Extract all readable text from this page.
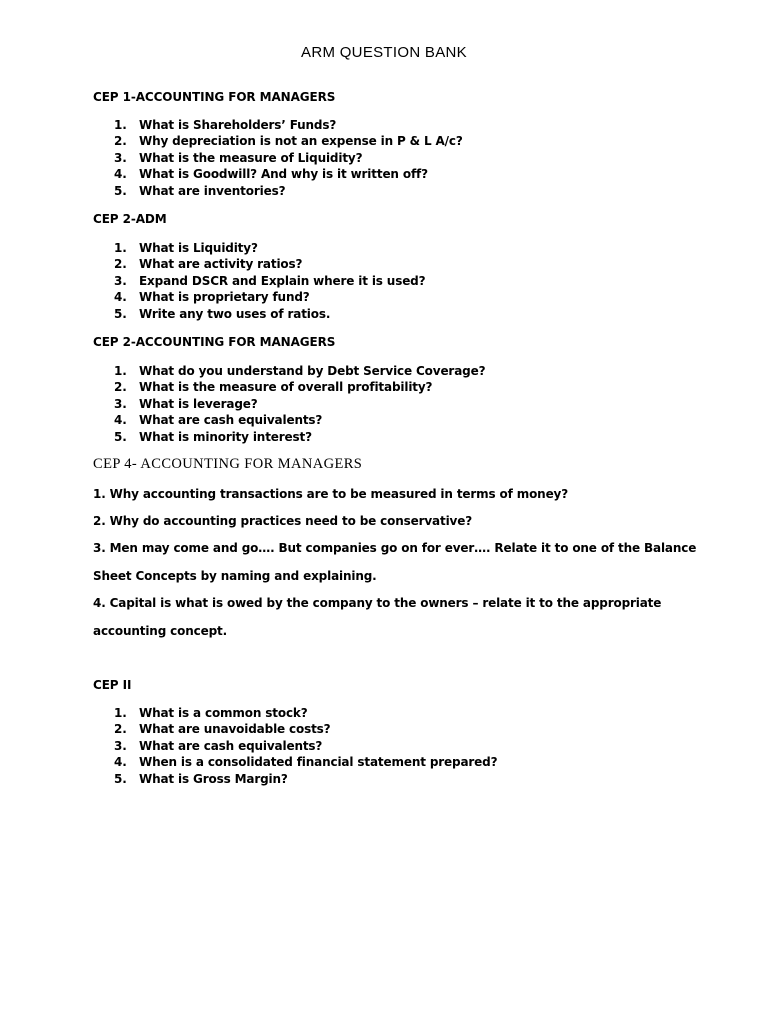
ARM QUESTION BANK
CEP 1-ACCOUNTING FOR MANAGERS
1. What is Shareholders’ Funds?
2. Why depreciation is not an expense in P & L A/c?
3. What is the measure of Liquidity?
4. What is Goodwill? And why is it written off?
5. What are inventories?
CEP 2-ADM
1. What is Liquidity?
2. What are activity ratios?
3. Expand DSCR and Explain where it is used?
4. What is proprietary fund?
5. Write any two uses of ratios.
CEP 2-ACCOUNTING FOR MANAGERS
1. What do you understand by Debt Service Coverage?
2. What is the measure of overall profitability?
3. What is leverage?
4. What are cash equivalents?
5. What is minority interest?
CEP 4- ACCOUNTING FOR MANAGERS
1. Why accounting transactions are to be measured in terms of money?
2. Why do accounting practices need to be conservative?
3. Men may come and go…. But companies go on for ever…. Relate it to one of the Balance
Sheet Concepts by naming and explaining.
4. Capital is what is owed by the company to the owners – relate it to the appropriate
accounting concept.
CEP II
1. What is a common stock?
2. What are unavoidable costs?
3. What are cash equivalents?
4. When is a consolidated financial statement prepared?
5. What is Gross Margin?
